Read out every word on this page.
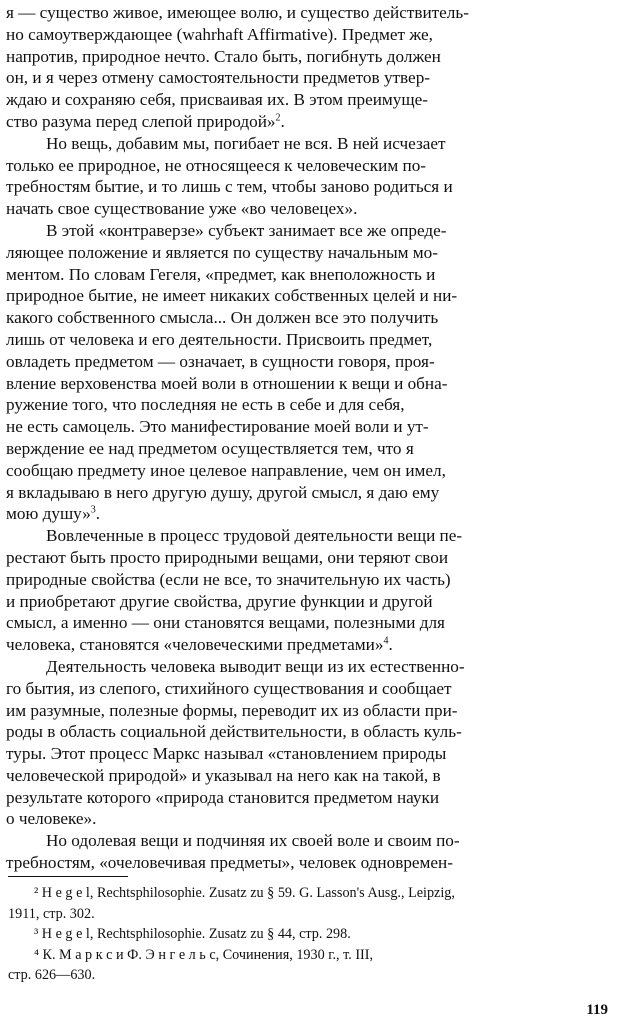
я — существо живое, имеющее волю, и существо действитель-
но самоутверждающее (wahrhaft Affirmative). Предмет же,
напротив, природное нечто. Стало быть, погибнуть должен
он, и я через отмену самостоятельности предметов утвер-
ждаю и сохраняю себя, присваивая их. В этом преимуще-
ство разума перед слепой природой»$^2$.
Но вещь, добавим мы, погибает не вся. В ней исчезает
только ее природное, не относящееся к человеческим по-
требностям бытие, и то лишь с тем, чтобы заново родиться и
начать свое существование уже «во человецех».
В этой «контраверзе» субъект занимает все же опреде-
ляющее положение и является по существу начальным мо-
ментом. По словам Гегеля, «предмет, как внеположность и
природное бытие, не имеет никаких собственных целей и ни-
какого собственного смысла... Он должен все это получить
лишь от человека и его деятельности. Присвоить предмет,
овладеть предметом — означает, в сущности говоря, проя-
вление верховенства моей воли в отношении к вещи и обна-
ружение того, что последняя не есть в себе и для себя,
не есть самоцель. Это манифестирование моей воли и ут-
верждение ее над предметом осуществляется тем, что я
сообщаю предмету иное целевое направление, чем он имел,
я вкладываю в него другую душу, другой смысл, я даю ему
мою душу»$^3$.
Вовлеченные в процесс трудовой деятельности вещи пе-
рестают быть просто природными вещами, они теряют свои
природные свойства (если не все, то значительную их часть)
и приобретают другие свойства, другие функции и другой
смысл, а именно — они становятся вещами, полезными для
человека, становятся «человеческими предметами»$^4$.
Деятельность человека выводит вещи из их естественно-
го бытия, из слепого, стихийного существования и сообщает
им разумные, полезные формы, переводит их из области при-
роды в область социальной действительности, в область куль-
туры. Этот процесс Маркс называл «становлением природы
человеческой природой» и указывал на него как на такой, в
результате которого «природа становится предметом науки
о человеке».
Но одолевая вещи и подчиняя их своей воле и своим по-
требностям, «очеловечивая предметы», человек одновремен-
² H e g e l, Rechtsphilosophie. Zusatz zu § 59. G. Lasson's Ausg., Leipzig,
1911, стр. 302.
³ H e g e l, Rechtsphilosophie. Zusatz zu § 44, стр. 298.
⁴ К. М а р к с и Ф. Э н г е л ь с, Сочинения, 1930 г., т. III,
стр. 626—630.
119
